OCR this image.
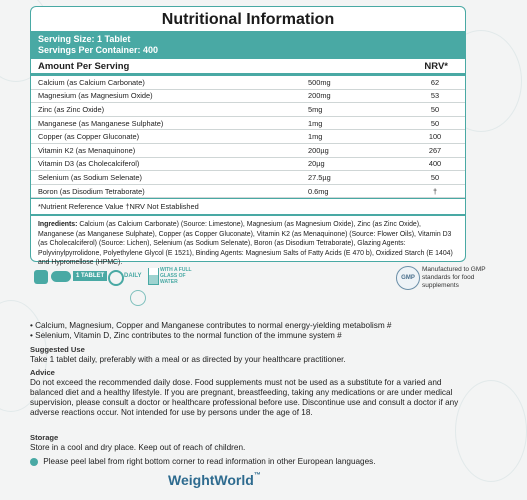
Nutritional Information
Serving Size: 1 Tablet
Servings Per Container: 400
Amount Per Serving	NRV*
Calcium (as Calcium Carbonate)	500mg	62
Magnesium (as Magnesium Oxide)	200mg	53
Zinc (as Zinc Oxide)	5mg	50
Manganese (as Manganese Sulphate)	1mg	50
Copper (as Copper Gluconate)	1mg	100
Vitamin K2 (as Menaquinone)	200µg	267
Vitamin D3 (as Cholecalciferol)	20µg	400
Selenium (as Sodium Selenate)	27.5µg	50
Boron (as Disodium Tetraborate)	0.6mg	†
*Nutrient Reference Value †NRV Not Established
Ingredients: Calcium (as Calcium Carbonate) (Source: Limestone), Magnesium (as Magnesium Oxide), Zinc (as Zinc Oxide), Manganese (as Manganese Sulphate), Copper (as Copper Gluconate), Vitamin K2 (as Menaquinone) (Source: Flower Oils), Vitamin D3 (as Cholecalciferol) (Source: Lichen), Selenium (as Sodium Selenate), Boron (as Disodium Tetraborate), Glazing Agents: Polyvinylpyrrolidone, Polyethylene Glycol (E 1521), Binding Agents: Magnesium Salts of Fatty Acids (E 470 b), Oxidized Starch (E 1404) and Hypromellose (HPMC).
1 TABLET	DAILY
WITH A FULL GLASS OF WATER
GMP
Manufactured to GMP standards for food supplements
• Calcium, Magnesium, Copper and Manganese contributes to normal energy-yielding metabolism #
• Selenium, Vitamin D, Zinc contributes to the normal function of the immune system #
Suggested Use
Take 1 tablet daily, preferably with a meal or as directed by your healthcare practitioner.
Advice
Do not exceed the recommended daily dose. Food supplements must not be used as a substitute for a varied and balanced diet and a healthy lifestyle. If you are pregnant, breastfeeding, taking any medications or are under medical supervision, please consult a doctor or healthcare professional before use. Discontinue use and consult a doctor if any adverse reactions occur. Not intended for use by persons under the age of 18.
Storage
Store in a cool and dry place. Keep out of reach of children.
Please peel label from right bottom corner to read information in other European languages.
WeightWorld™
